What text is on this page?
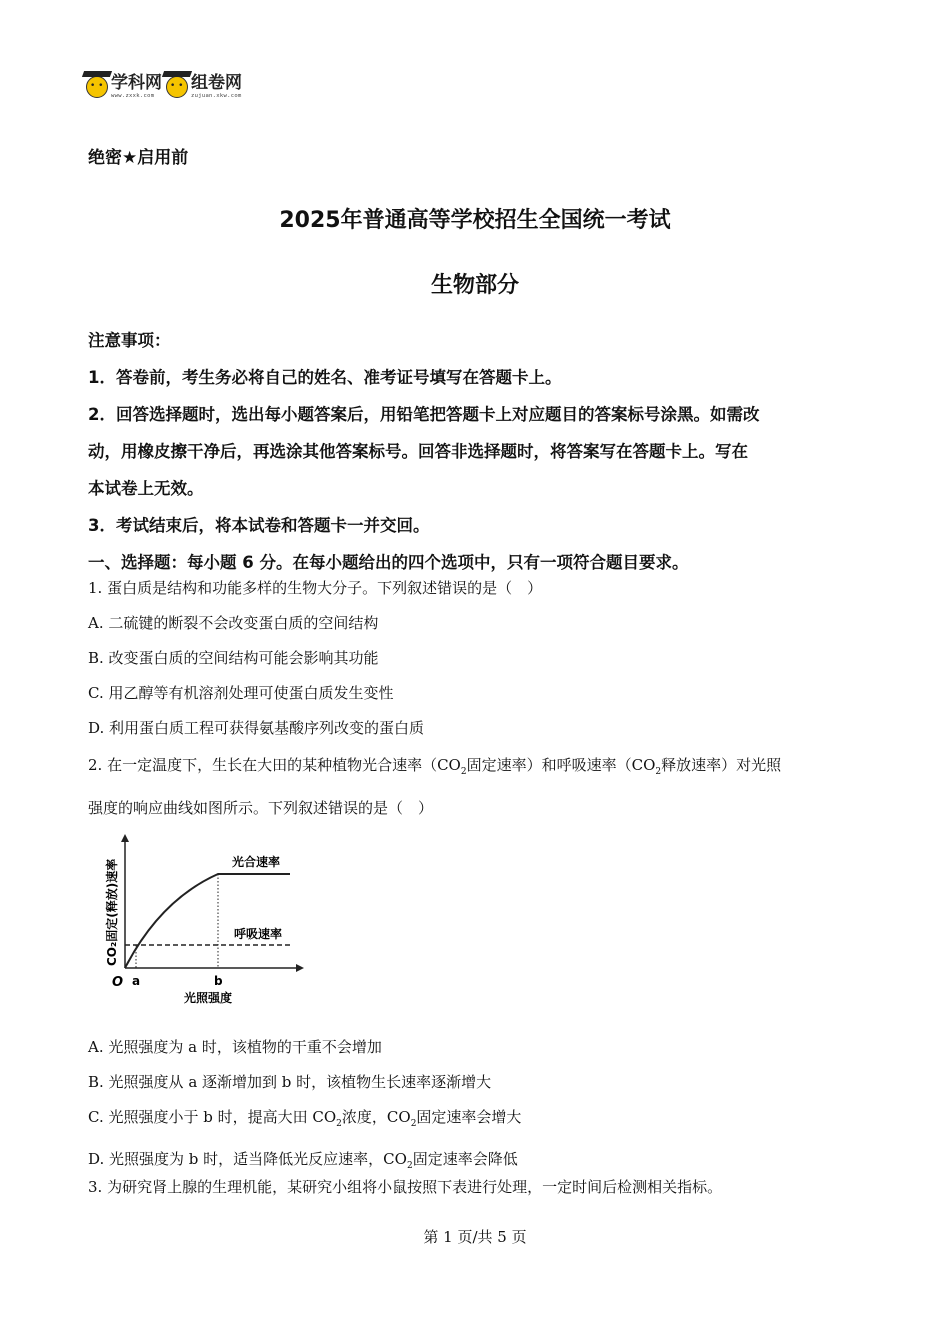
• •
学科网
www.zxxk.com
• •
组卷网
zujuan.xkw.com
绝密★启用前
2025年普通高等学校招生全国统一考试
生物部分

注意事项：

1．答卷前，考生务必将自己的姓名、准考证号填写在答题卡上。

2．回答选择题时，选出每小题答案后，用铅笔把答题卡上对应题目的答案标号涂黑。如需改

动，用橡皮擦干净后，再选涂其他答案标号。回答非选择题时，将答案写在答题卡上。写在

本试卷上无效。

3．考试结束后，将本试卷和答题卡一并交回。

一、选择题：每小题 6 分。在每小题给出的四个选项中，只有一项符合题目要求。

1. 蛋白质是结构和功能多样的生物大分子。下列叙述错误的是（　）

A. 二硫键的断裂不会改变蛋白质的空间结构

B. 改变蛋白质的空间结构可能会影响其功能

C. 用乙醇等有机溶剂处理可使蛋白质发生变性

D. 利用蛋白质工程可获得氨基酸序列改变的蛋白质

2. 在一定温度下，生长在大田的某种植物光合速率（$CO_2$固定速率）和呼吸速率（$CO_2$释放速率）对光照

强度的响应曲线如图所示。下列叙述错误的是（　）

O a	b
光照强度
光合速率
呼吸速率
CO₂固定(释放)速率

A. 光照强度为 a 时，该植物的干重不会增加

B. 光照强度从 a 逐渐增加到 b 时，该植物生长速率逐渐增大

C. 光照强度小于 b 时，提高大田 $CO_2$浓度，$CO_2$固定速率会增大

D. 光照强度为 b 时，适当降低光反应速率，$CO_2$固定速率会降低

3. 为研究肾上腺的生理机能，某研究小组将小鼠按照下表进行处理，一定时间后检测相关指标。

第 1 页/共 5 页
